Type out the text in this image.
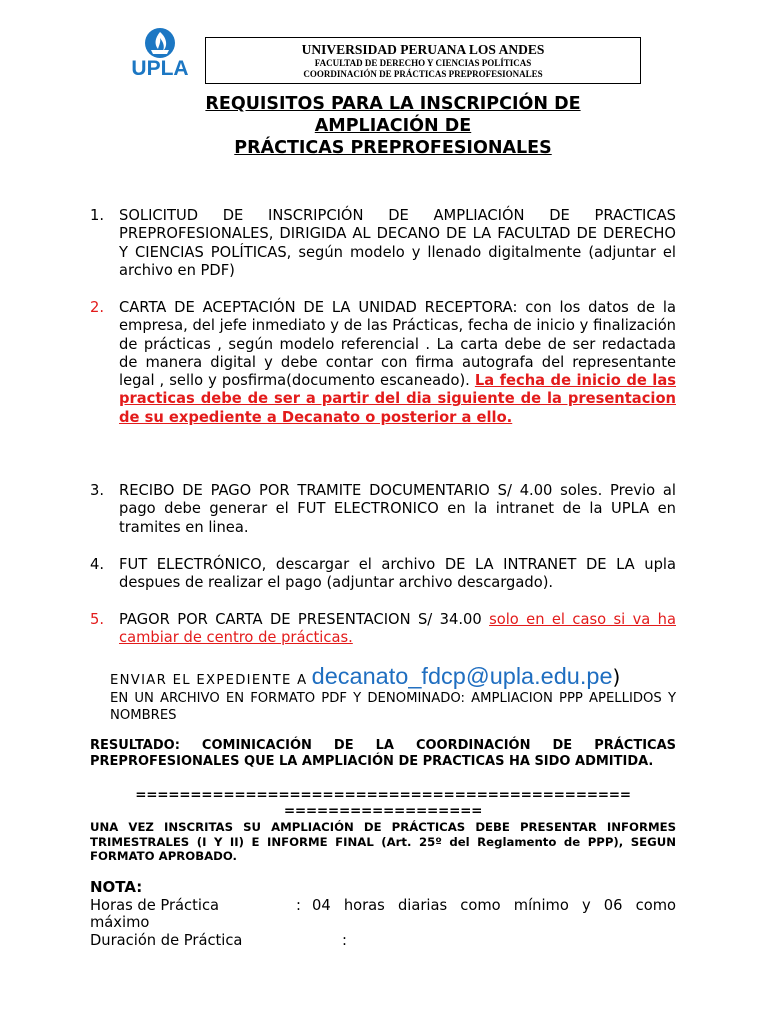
UPLA
UNIVERSIDAD PERUANA LOS ANDES
FACULTAD DE DERECHO Y CIENCIAS POLÍTICAS
COORDINACIÓN DE PRÁCTICAS PREPROFESIONALES
REQUISITOS PARA LA INSCRIPCIÓN DE
AMPLIACIÓN DE
PRÁCTICAS PREPROFESIONALES
1. SOLICITUD DE INSCRIPCIÓN DE AMPLIACIÓN DE PRACTICAS PREPROFESIONALES, DIRIGIDA AL DECANO DE LA FACULTAD DE DERECHO Y CIENCIAS POLÍTICAS, según modelo y llenado digitalmente (adjuntar el archivo en PDF)
2. CARTA DE ACEPTACIÓN DE LA UNIDAD RECEPTORA: con los datos de la empresa, del jefe inmediato y de las Prácticas, fecha de inicio y finalización de prácticas , según modelo referencial . La carta debe de ser redactada de manera digital y debe contar con firma autografa del representante legal , sello y posfirma(documento escaneado). La fecha de inicio de las practicas debe de ser a partir del dia siguiente de la presentacion de su expediente a Decanato o posterior a ello.
3. RECIBO DE PAGO POR TRAMITE DOCUMENTARIO S/ 4.00 soles. Previo al pago debe generar el FUT ELECTRONICO en la intranet de la UPLA en tramites en linea.
4. FUT ELECTRÓNICO, descargar el archivo DE LA INTRANET DE LA upla despues de realizar el pago (adjuntar archivo descargado).
5. PAGOR POR CARTA DE PRESENTACION S/ 34.00 solo en el caso si va ha cambiar de centro de prácticas.
ENVIAR EL EXPEDIENTE A decanato_fdcp@upla.edu.pe)
EN UN ARCHIVO EN FORMATO PDF Y DENOMINADO: AMPLIACION PPP APELLIDOS Y NOMBRES
RESULTADO: COMINICACIÓN DE LA COORDINACIÓN DE PRÁCTICAS PREPROFESIONALES QUE LA AMPLIACIÓN DE PRACTICAS HA SIDO ADMITIDA.
=============================================
==================
UNA VEZ INSCRITAS SU AMPLIACIÓN DE PRÁCTICAS DEBE PRESENTAR INFORMES TRIMESTRALES (I Y II) E INFORME FINAL (Art. 25º del Reglamento de PPP), SEGUN FORMATO APROBADO.
NOTA:
Horas de Práctica	: 04 horas diarias como mínimo y 06 como
máximo
Duración de Práctica	:
